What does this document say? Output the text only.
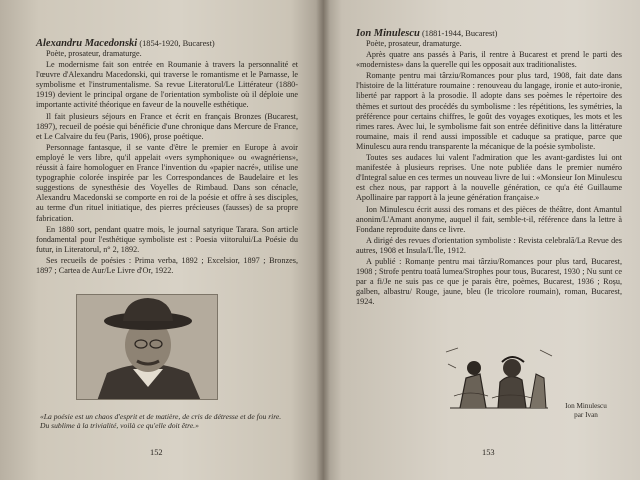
Alexandru Macedonski (1854-1920, Bucarest)
Poète, prosateur, dramaturge.

Le modernisme fait son entrée en Roumanie à travers la personnalité et l'œuvre d'Alexandru Macedonski, qui traverse le romantisme et le Parnasse, le symbolisme et l'instrumentalisme. Sa revue Literatorul/Le Littérateur (1880-1919) devient le principal organe de l'orientation symboliste où il déploie une importante activité théorique en faveur de la nouvelle esthétique.

Il fait plusieurs séjours en France et écrit en français Bronzes (Bucarest, 1897), recueil de poésie qui bénéficie d'une chronique dans Mercure de France, et Le Calvaire du feu (Paris, 1906), prose poétique.

Personnage fantasque, il se vante d'être le premier en Europe à avoir employé le vers libre, qu'il appelait «vers symphonique» ou «wagnériens», réussit à faire homologuer en France l'invention du «papier nacré», utilise une typographie colorée inspirée par les Correspondances de Baudelaire et les suggestions de synesthésie des Voyelles de Rimbaud. Dans son cénacle, Alexandru Macedonski se comporte en roi de la poésie et offre à ses disciples, au terme d'un rituel initiatique, des pierres précieuses (fausses) de sa propre fabrication.

En 1880 sort, pendant quatre mois, le journal satyrique Tarara. Son article fondamental pour l'esthétique symboliste est : Poesia viitorului/La Poésie du futur, in Literatorul, n° 2, 1892.

Ses recueils de poésies : Prima verba, 1892 ; Excelsior, 1897 ; Bronzes, 1897 ; Cartea de Aur/Le Livre d'Or, 1922.

«La poésie est un chaos d'esprit et de matière, de cris de détresse et de fou rire. Du sublime à la trivialité, voilà ce qu'elle doit être.»
152
Ion Minulescu (1881-1944, Bucarest)
Poète, prosateur, dramaturge.

Après quatre ans passés à Paris, il rentre à Bucarest et prend le parti des «modernistes» dans la querelle qui les opposait aux traditionalistes.

Romanțe pentru mai târziu/Romances pour plus tard, 1908, fait date dans l'histoire de la littérature roumaine : renouveau du langage, ironie et auto-ironie, liberté par rapport à la prosodie. Il adopte dans ses poèmes le répertoire des thèmes et surtout des procédés du symbolisme : les répétitions, les symétries, la préférence pour certains chiffres, le goût des voyages exotiques, les mots et les rimes rares. Avec lui, le symbolisme fait son entrée définitive dans la littérature roumaine, mais il rend aussi impossible et caduque sa pratique, parce que Minulescu aura rendu transparente la mécanique de la poésie symboliste.

Toutes ses audaces lui valent l'admiration que les avant-gardistes lui ont manifestée à plusieurs reprises. Une note publiée dans le premier numéro d'Integral salue en ces termes un nouveau livre de lui : «Monsieur Ion Minulescu est chez nous, par rapport à la nouvelle génération, ce qu'a été Guillaume Apollinaire par rapport à la jeune génération française.»

Ion Minulescu écrit aussi des romans et des pièces de théâtre, dont Amantul anonim/L'Amant anonyme, auquel il fait, semble-t-il, référence dans la lettre à Fondane reproduite dans ce livre.

A dirigé des revues d'orientation symboliste : Revista celebrală/La Revue des autres, 1908 et Insula/L'Île, 1912.

A publié : Romanțe pentru mai târziu/Romances pour plus tard, Bucarest, 1908 ; Strofe pentru toată lumea/Strophes pour tous, Bucarest, 1930 ; Nu sunt ce par a fi/Je ne suis pas ce que je parais être, poèmes, Bucarest, 1936 ; Roșu, galben, albastru/ Rouge, jaune, bleu (le tricolore roumain), roman, Bucarest, 1924.

Ion Minulescu
par Ivan
153
